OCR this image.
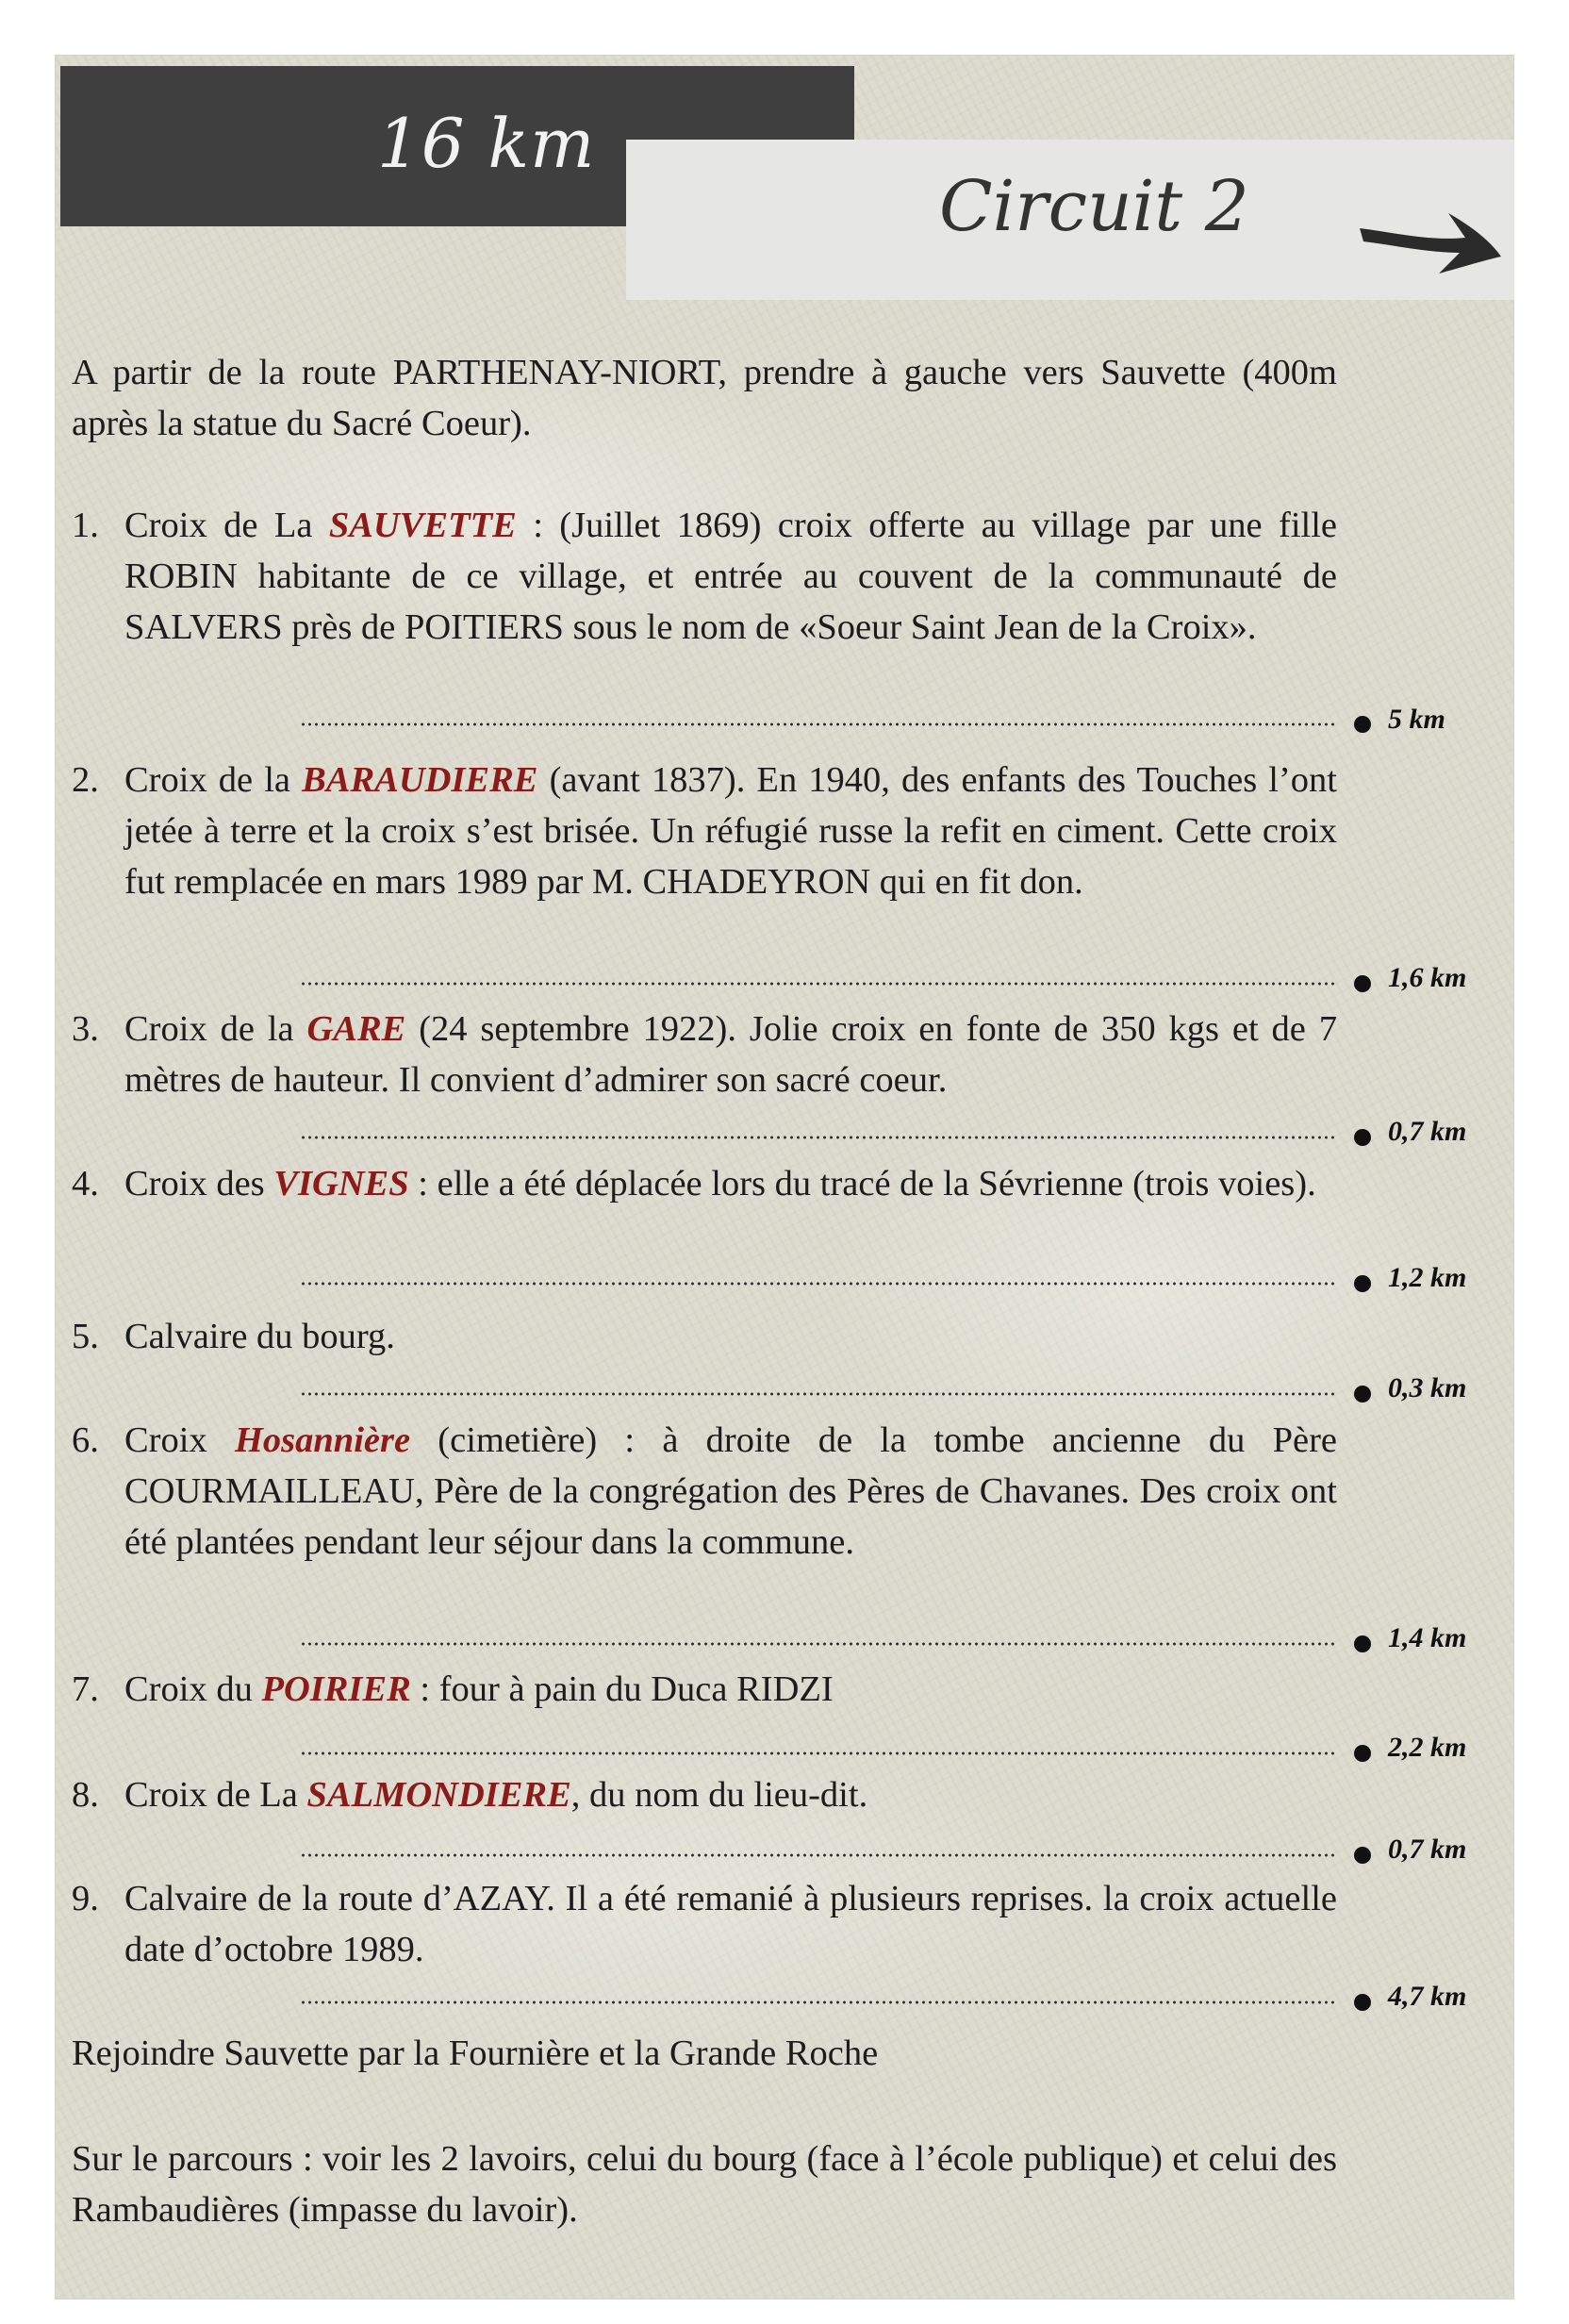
16 km
Circuit 2

A partir de la route PARTHENAY-NIORT, prendre à gauche vers Sauvette (400m après la statue du Sacré Coeur).

1. Croix de La SAUVETTE : (Juillet 1869) croix offerte au village par une fille ROBIN habitante de ce village, et entrée au couvent de la communauté de SALVERS près de POITIERS sous le nom de «Soeur Saint Jean de la Croix».
5 km
2. Croix de la BARAUDIERE (avant 1837). En 1940, des enfants des Touches l’ont jetée à terre et la croix s’est brisée. Un réfugié russe la refit en ciment. Cette croix fut remplacée en mars 1989 par M. CHADEYRON qui en fit don.
1,6 km
3. Croix de la GARE (24 septembre 1922). Jolie croix en fonte de 350 kgs et de 7 mètres de hauteur. Il convient d’admirer son sacré coeur.
0,7 km
4. Croix des VIGNES : elle a été déplacée lors du tracé de la Sévrienne (trois voies).
1,2 km
5. Calvaire du bourg.
0,3 km
6. Croix Hosannière (cimetière) : à droite de la tombe ancienne du Père COURMAILLEAU, Père de la congrégation des Pères de Chavanes. Des croix ont été plantées pendant leur séjour dans la commune.
1,4 km
7. Croix du POIRIER : four à pain du Duca RIDZI
2,2 km
8. Croix de La SALMONDIERE, du nom du lieu-dit.
0,7 km
9. Calvaire de la route d’AZAY. Il a été remanié à plusieurs reprises. la croix actuelle date d’octobre 1989.
4,7 km

Rejoindre Sauvette par la Fournière et la Grande Roche

Sur le parcours : voir les 2 lavoirs, celui du bourg (face à l’école publique) et celui des Rambaudières (impasse du lavoir).
